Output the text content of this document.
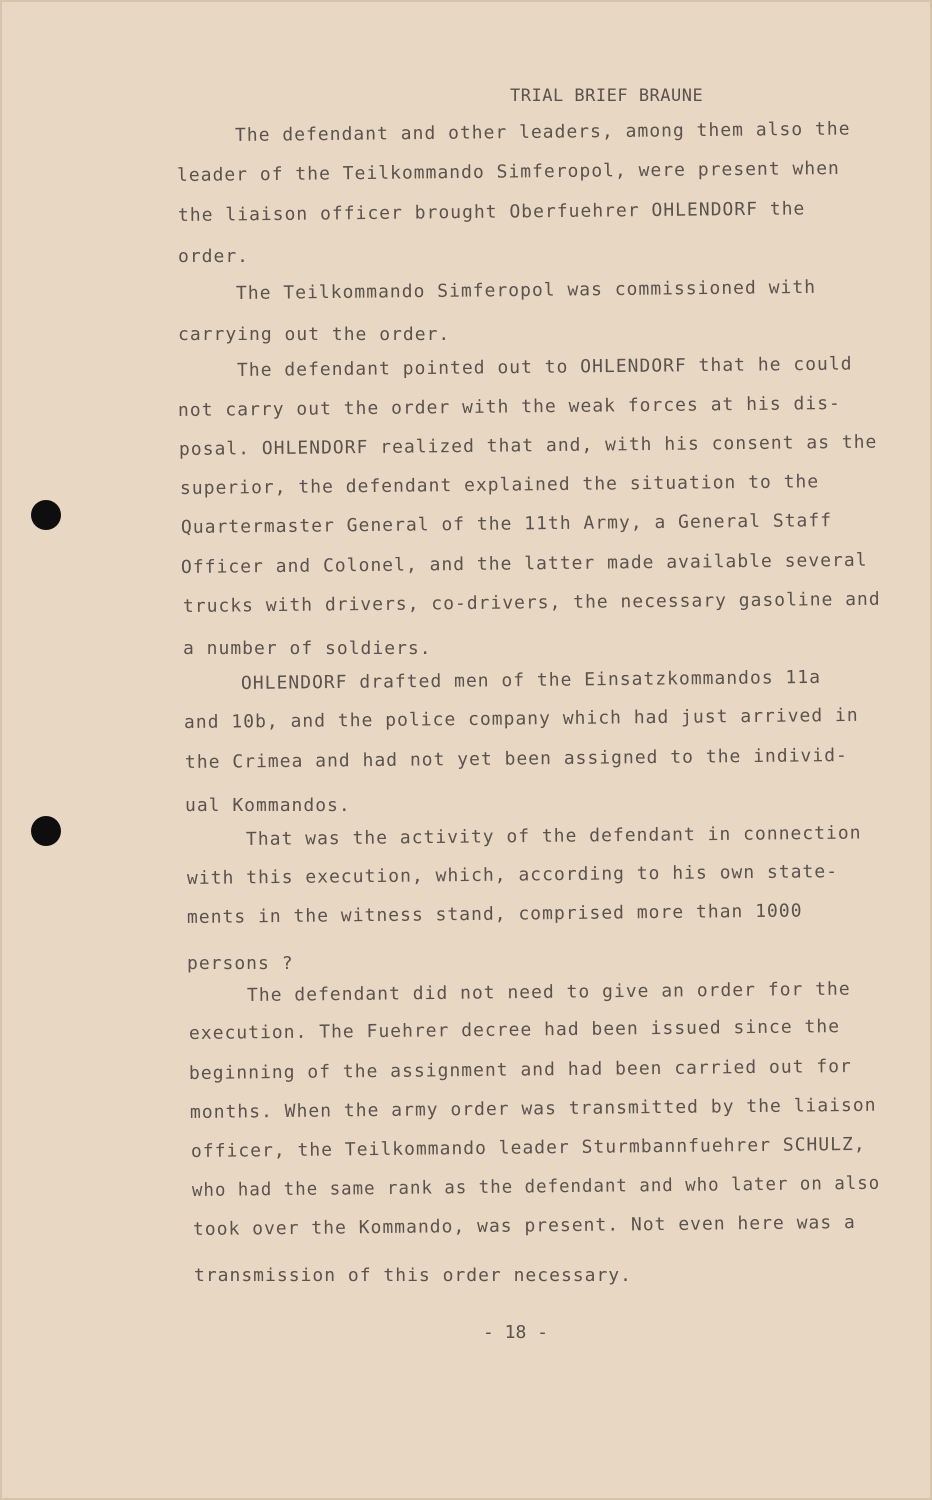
TRIAL BRIEF BRAUNE
The defendant and other leaders, among them also the
leader of the Teilkommando Simferopol, were present when
the liaison officer brought Oberfuehrer OHLENDORF the
order.
The Teilkommando Simferopol was commissioned with
carrying out the order.
The defendant pointed out to OHLENDORF that he could
not carry out the order with the weak forces at his dis-
posal. OHLENDORF realized that and, with his consent as the
superior, the defendant explained the situation to the
Quartermaster General of the 11th Army, a General Staff
Officer and Colonel, and the latter made available several
trucks with drivers, co-drivers, the necessary gasoline and
a number of soldiers.
OHLENDORF drafted men of the Einsatzkommandos 11a
and 10b, and the police company which had just arrived in
the Crimea and had not yet been assigned to the individ-
ual Kommandos.
That was the activity of the defendant in connection
with this execution, which, according to his own state-
ments in the witness stand, comprised more than 1000
persons ?
The defendant did not need to give an order for the
execution. The Fuehrer decree had been issued since the
beginning of the assignment and had been carried out for
months. When the army order was transmitted by the liaison
officer, the Teilkommando leader Sturmbannfuehrer SCHULZ,
who had the same rank as the defendant and who later on also
took over the Kommando, was present. Not even here was a
transmission of this order necessary.
- 18 -
